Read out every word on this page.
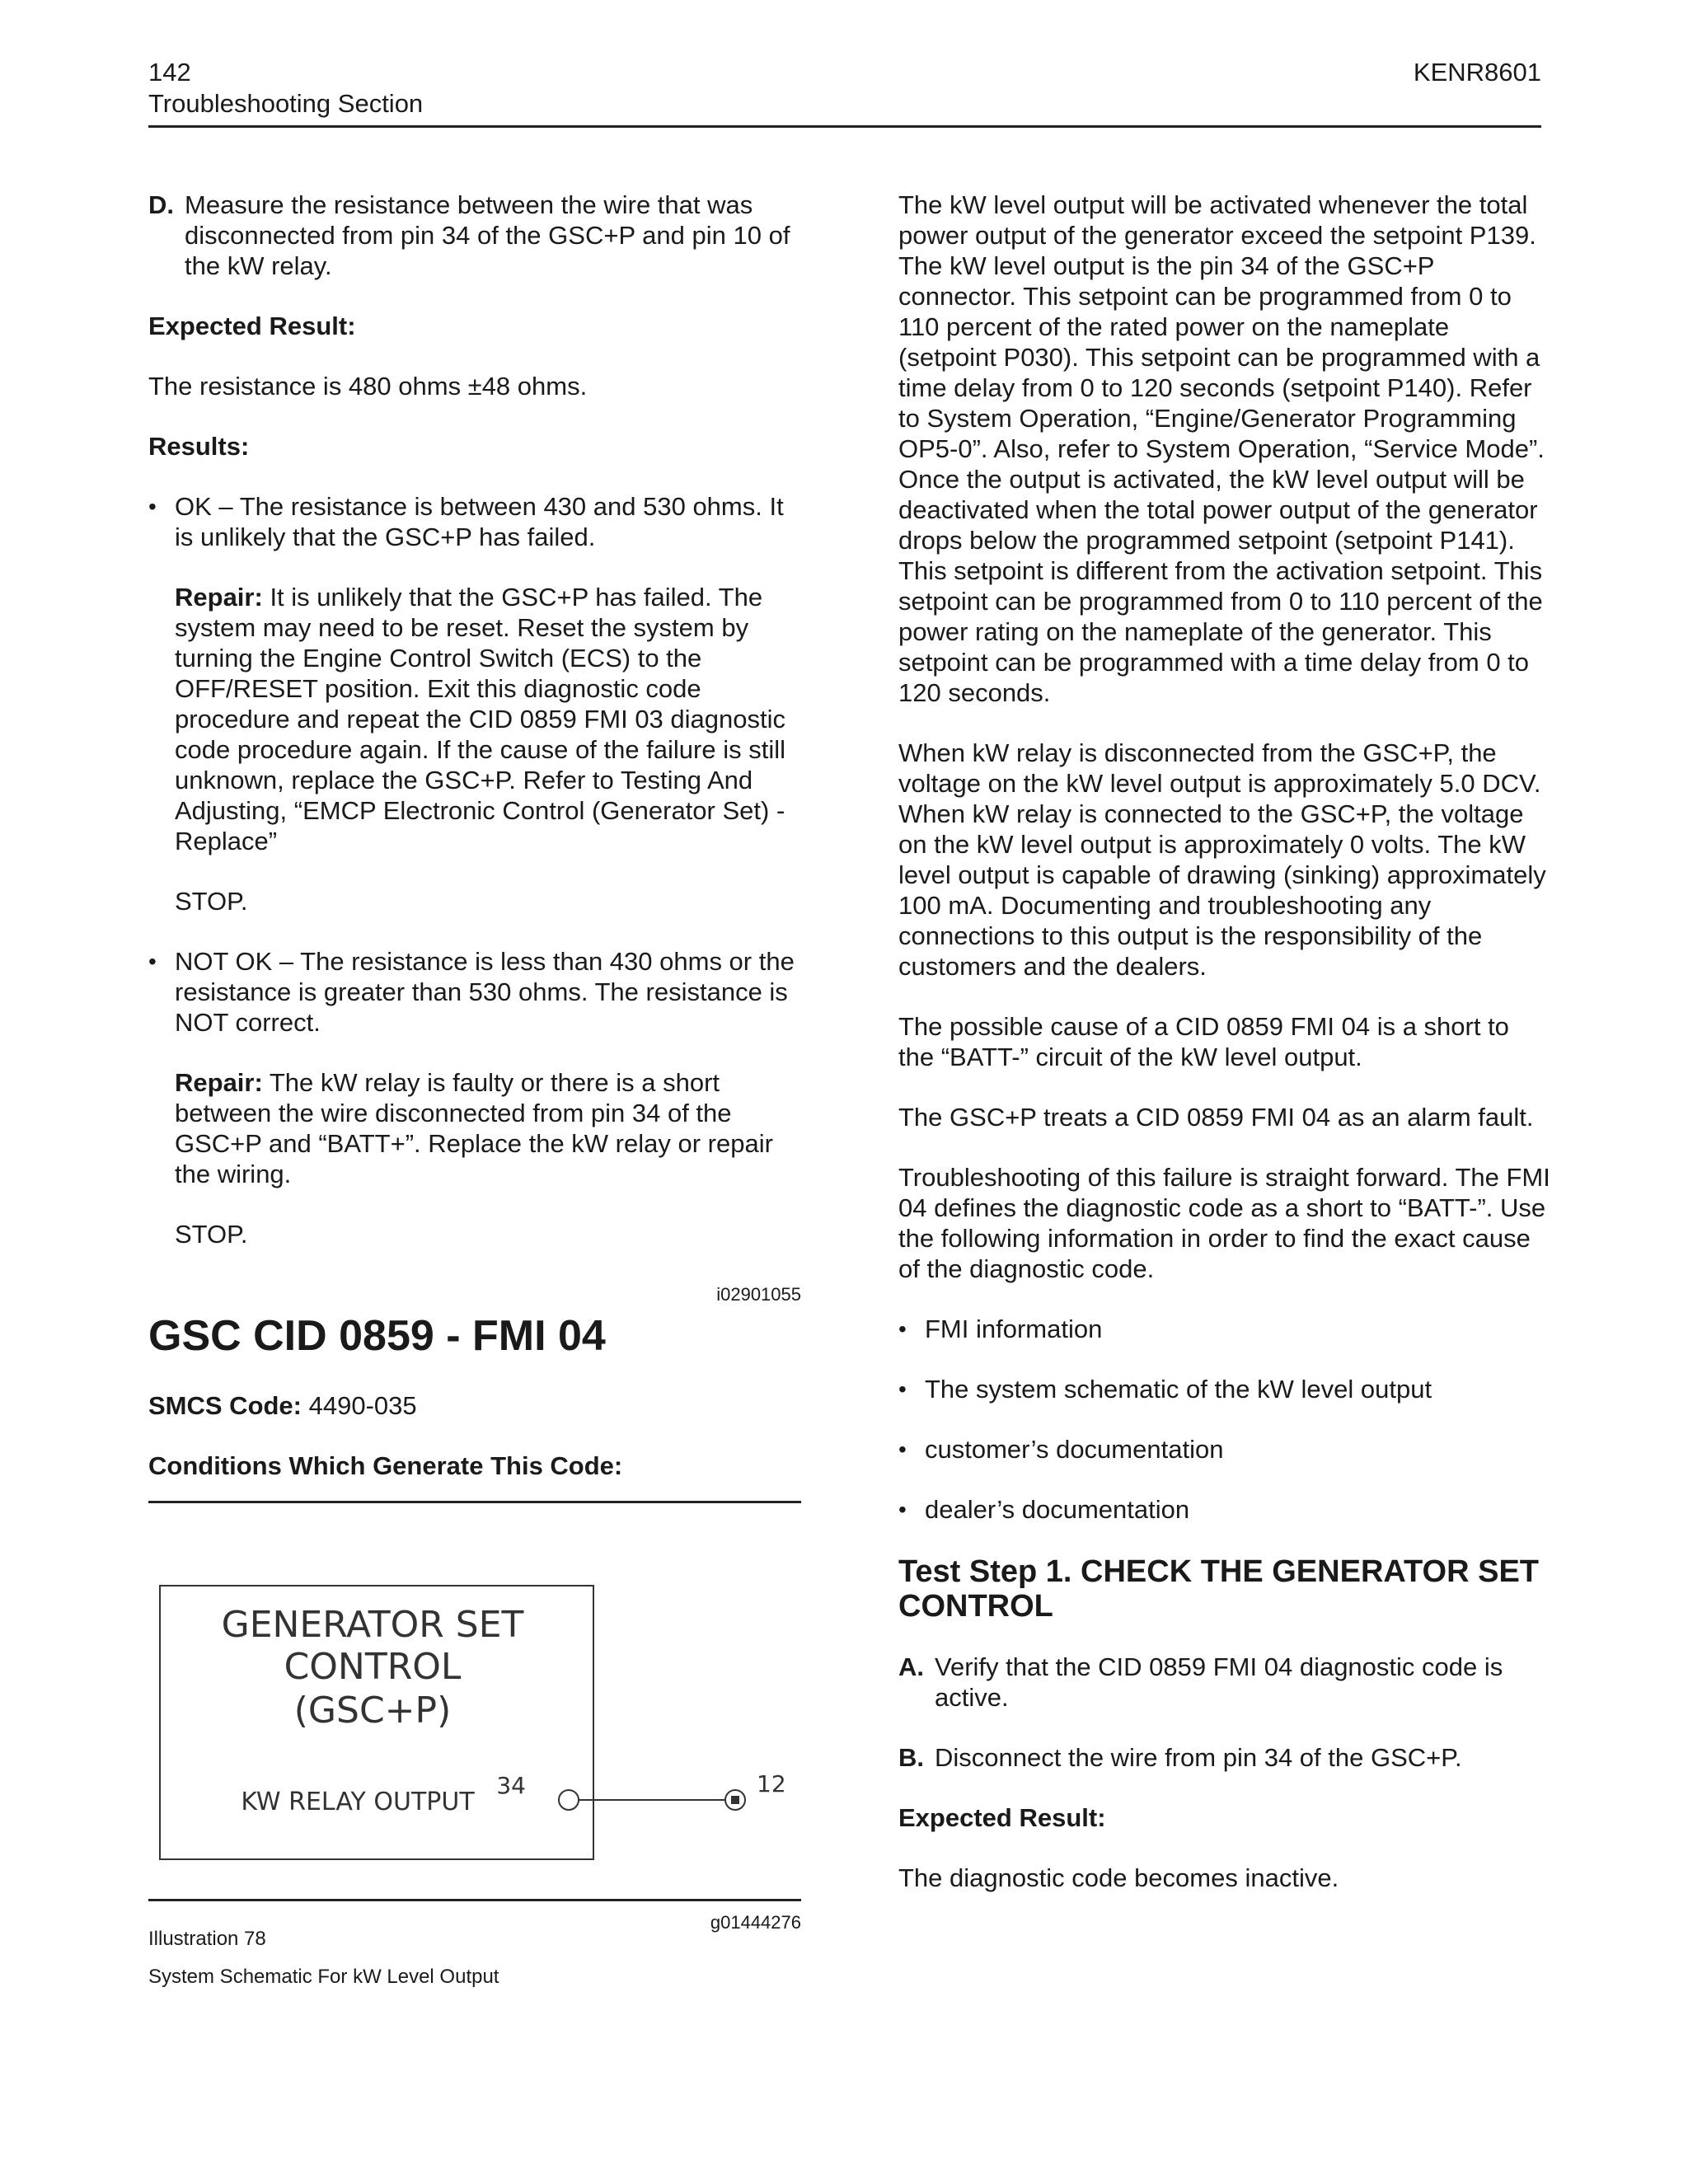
142
Troubleshooting Section
KENR8601
D. Measure the resistance between the wire that was disconnected from pin 34 of the GSC+P and pin 10 of the kW relay.
Expected Result:

The resistance is 480 ohms ±48 ohms.

Results:
• OK – The resistance is between 430 and 530 ohms. It is unlikely that the GSC+P has failed.

Repair: It is unlikely that the GSC+P has failed. The system may need to be reset. Reset the system by turning the Engine Control Switch (ECS) to the OFF/RESET position. Exit this diagnostic code procedure and repeat the CID 0859 FMI 03 diagnostic code procedure again. If the cause of the failure is still unknown, replace the GSC+P. Refer to Testing And Adjusting, “EMCP Electronic Control (Generator Set) - Replace”

STOP.

• NOT OK – The resistance is less than 430 ohms or the resistance is greater than 530 ohms. The resistance is NOT correct.

Repair: The kW relay is faulty or there is a short between the wire disconnected from pin 34 of the GSC+P and “BATT+”. Replace the kW relay or repair the wiring.

STOP.

i02901055
GSC CID 0859 - FMI 04

SMCS Code: 4490-035

Conditions Which Generate This Code:
GENERATOR SET
CONTROL
(GSC+P)
KW RELAY OUTPUT
34	12
g01444276
Illustration 78
System Schematic For kW Level Output

The kW level output will be activated whenever the total power output of the generator exceed the setpoint P139. The kW level output is the pin 34 of the GSC+P connector. This setpoint can be programmed from 0 to 110 percent of the rated power on the nameplate (setpoint P030). This setpoint can be programmed with a time delay from 0 to 120 seconds (setpoint P140). Refer to System Operation, “Engine/Generator Programming OP5-0”. Also, refer to System Operation, “Service Mode”. Once the output is activated, the kW level output will be deactivated when the total power output of the generator drops below the programmed setpoint (setpoint P141). This setpoint is different from the activation setpoint. This setpoint can be programmed from 0 to 110 percent of the power rating on the nameplate of the generator. This setpoint can be programmed with a time delay from 0 to 120 seconds.

When kW relay is disconnected from the GSC+P, the voltage on the kW level output is approximately 5.0 DCV. When kW relay is connected to the GSC+P, the voltage on the kW level output is approximately 0 volts. The kW level output is capable of drawing (sinking) approximately 100 mA. Documenting and troubleshooting any connections to this output is the responsibility of the customers and the dealers.

The possible cause of a CID 0859 FMI 04 is a short to the “BATT-” circuit of the kW level output.

The GSC+P treats a CID 0859 FMI 04 as an alarm fault.

Troubleshooting of this failure is straight forward. The FMI 04 defines the diagnostic code as a short to “BATT-”. Use the following information in order to find the exact cause of the diagnostic code.

• FMI information
• The system schematic of the kW level output
• customer’s documentation
• dealer’s documentation
Test Step 1. CHECK THE GENERATOR SET CONTROL
A. Verify that the CID 0859 FMI 04 diagnostic code is active.
B. Disconnect the wire from pin 34 of the GSC+P.
Expected Result:

The diagnostic code becomes inactive.
